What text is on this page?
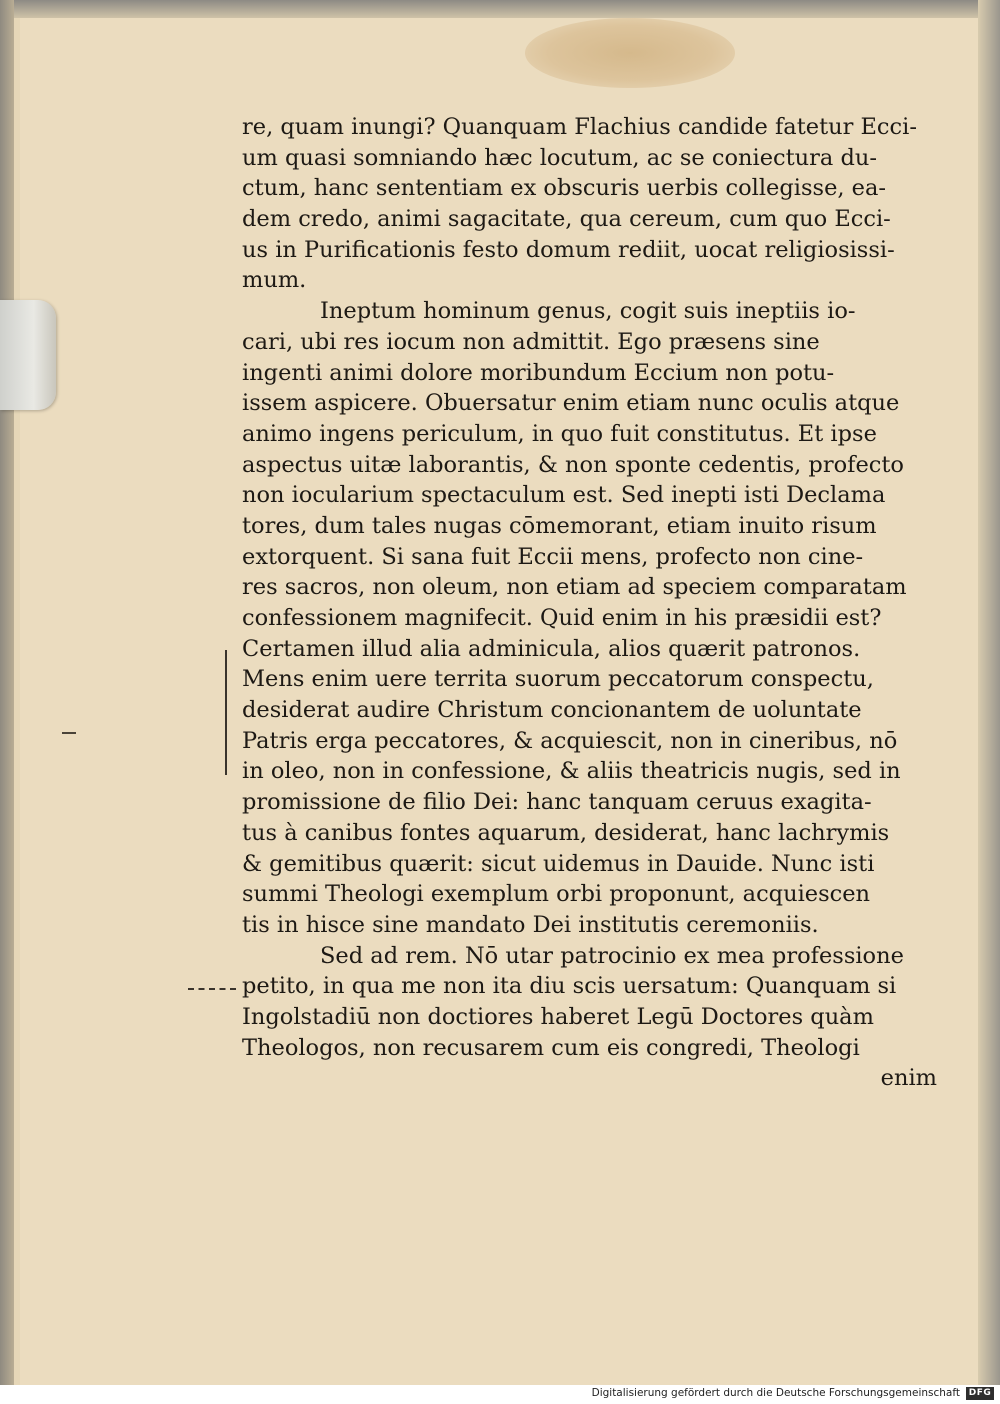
re, quam inungi? Quanquam Flachius candide fatetur Ecci-
um quasi somniando hæc locutum, ac se coniectura du-
ctum, hanc sententiam ex obscuris uerbis collegisse, ea-
dem credo, animi sagacitate, qua cereum, cum quo Ecci-
us in Purificationis festo domum rediit, uocat religiosissi-
mum.
Ineptum hominum genus, cogit suis ineptiis io-
cari, ubi res iocum non admittit. Ego præsens sine
ingenti animi dolore moribundum Eccium non potu-
issem aspicere. Obuersatur enim etiam nunc oculis atque
animo ingens periculum, in quo fuit constitutus. Et ipse
aspectus uitæ laborantis, & non sponte cedentis, profecto
non iocularium spectaculum est. Sed inepti isti Declama
tores, dum tales nugas cōmemorant, etiam inuito risum
extorquent. Si sana fuit Eccii mens, profecto non cine-
res sacros, non oleum, non etiam ad speciem comparatam
confessionem magnifecit. Quid enim in his præsidii est?
Certamen illud alia adminicula, alios quærit patronos.
Mens enim uere territa suorum peccatorum conspectu,
desiderat audire Christum concionantem de uoluntate
Patris erga peccatores, & acquiescit, non in cineribus, nō
in oleo, non in confessione, & aliis theatricis nugis, sed in
promissione de filio Dei: hanc tanquam ceruus exagita-
tus à canibus fontes aquarum, desiderat, hanc lachrymis
& gemitibus quærit: sicut uidemus in Dauide. Nunc isti
summi Theologi exemplum orbi proponunt, acquiescen
tis in hisce sine mandato Dei institutis ceremoniis.
Sed ad rem. Nō utar patrocinio ex mea professione
petito, in qua me non ita diu scis uersatum: Quanquam si
Ingolstadiū non doctiores haberet Legū Doctores quàm
Theologos, non recusarem cum eis congredi, Theologi
enim
Digitalisierung gefördert durch die Deutsche Forschungsgemeinschaft DFG
